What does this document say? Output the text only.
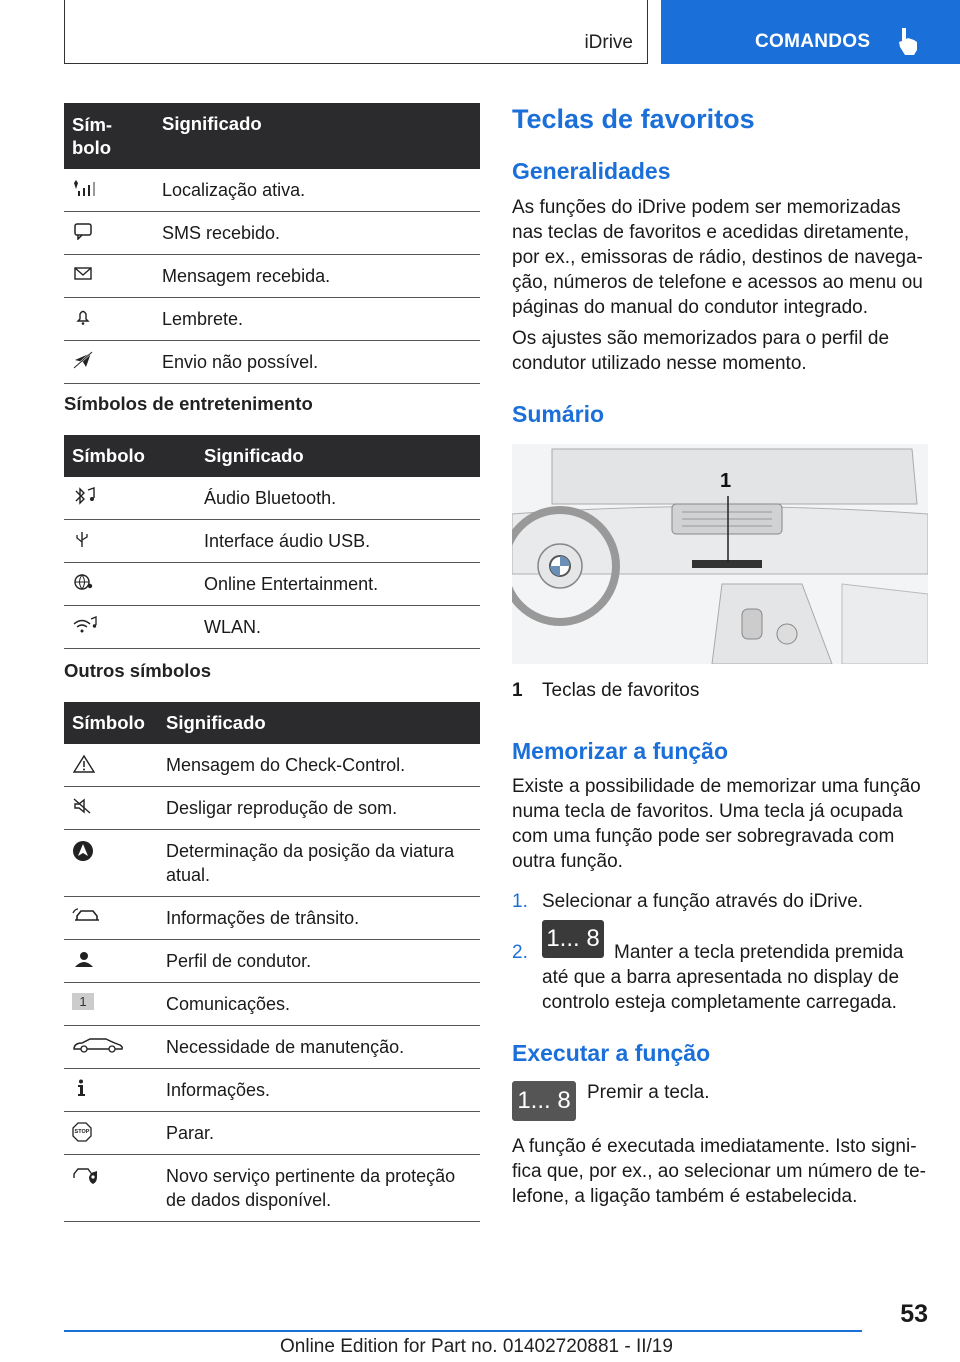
iDrive	COMANDOS
Sím-
bolo	Significado

	Localização ativa.

	SMS recebido.

	Mensagem recebida.

	Lembrete.

	Envio não possível.
Símbolos de entretenimento
Símbolo	Significado

	Áudio Bluetooth.

	Interface áudio USB.

	Online Entertainment.

	WLAN.
Outros símbolos
Símbolo	Significado

	Mensagem do Check-Control.

	Desligar reprodução de som.

	Determinação da posição da viatura atual.

	Informações de trânsito.

	Perfil de condutor.

1	Comunicações.

	Necessidade de manutenção.

	Informações.

STOP	Parar.

	Novo serviço pertinente da proteção de dados disponível.
Teclas de favoritos
Generalidades
As funções do iDrive podem ser memorizadas nas teclas de favoritos e acedidas diretamente, por ex., emissoras de rádio, destinos de navega-ção, números de telefone e acessos ao menu ou páginas do manual do condutor integrado.
Os ajustes são memorizados para o perfil de condutor utilizado nesse momento.
Sumário
1
1 Teclas de favoritos
Memorizar a função
Existe a possibilidade de memorizar uma função numa tecla de favoritos. Uma tecla já ocupada com uma função pode ser sobregravada com outra função.
1. Selecionar a função através do iDrive.
2.
1... 8
Manter a tecla pretendida premida até que a barra apresentada no display de controlo esteja completamente carregada.
Executar a função
1... 8 Premir a tecla.
A função é executada imediatamente. Isto signi-fica que, por ex., ao selecionar um número de te-lefone, a ligação também é estabelecida.
53
Online Edition for Part no. 01402720881 - II/19
